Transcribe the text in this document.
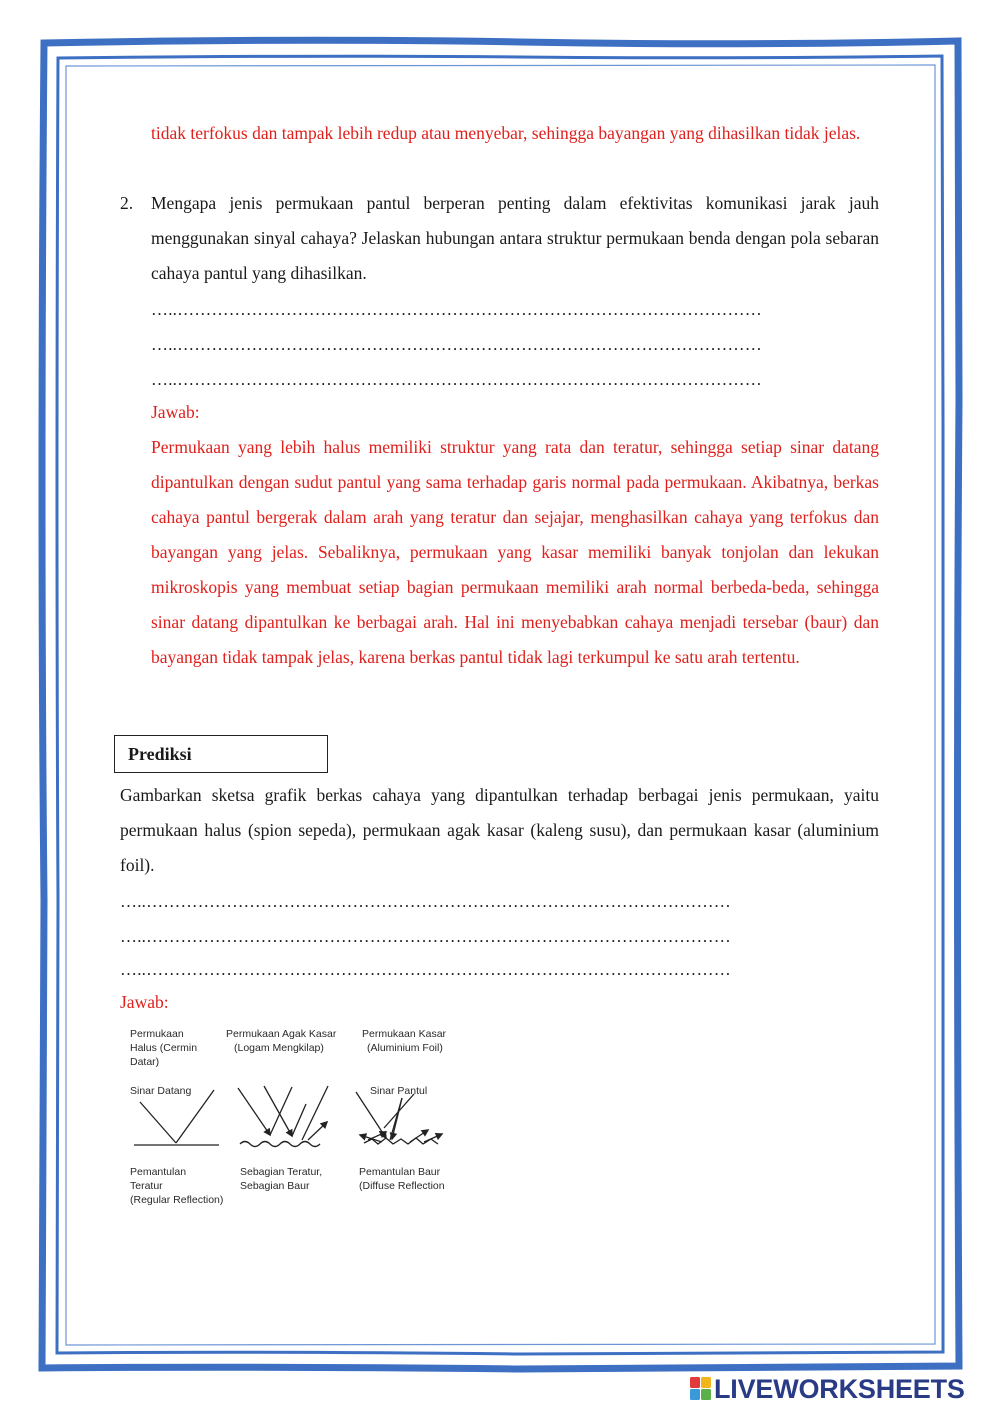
tidak terfokus dan tampak lebih redup atau menyebar, sehingga bayangan yang dihasilkan tidak jelas.

2. Mengapa jenis permukaan pantul berperan penting dalam efektivitas komunikasi jarak jauh menggunakan sinyal cahaya? Jelaskan hubungan antara struktur permukaan benda dengan pola sebaran cahaya pantul yang dihasilkan.

…..…………………………………………………………………………………………
…..…………………………………………………………………………………………
…..…………………………………………………………………………………………

Jawab:

Permukaan yang lebih halus memiliki struktur yang rata dan teratur, sehingga setiap sinar datang dipantulkan dengan sudut pantul yang sama terhadap garis normal pada permukaan. Akibatnya, berkas cahaya pantul bergerak dalam arah yang teratur dan sejajar, menghasilkan cahaya yang terfokus dan bayangan yang jelas. Sebaliknya, permukaan yang kasar memiliki banyak tonjolan dan lekukan mikroskopis yang membuat setiap bagian permukaan memiliki arah normal berbeda-beda, sehingga sinar datang dipantulkan ke berbagai arah. Hal ini menyebabkan cahaya menjadi tersebar (baur) dan bayangan tidak tampak jelas, karena berkas pantul tidak lagi terkumpul ke satu arah tertentu.

Prediksi

Gambarkan sketsa grafik berkas cahaya yang dipantulkan terhadap berbagai jenis permukaan, yaitu permukaan halus (spion sepeda), permukaan agak kasar (kaleng susu), dan permukaan kasar (aluminium foil).

…..…………………………………………………………………………………………
…..…………………………………………………………………………………………
…..…………………………………………………………………………………………

Jawab:

Permukaan
Halus (Cermin
Datar)
Sinar Datang
Permukaan Agak Kasar
(Logam Mengkilap)
Permukaan Kasar
(Aluminium Foil)
Sinar Pantul
Pemantulan
Teratur
(Regular Reflection)
Sebagian Teratur,
Sebagian Baur
Pemantulan Baur
(Diffuse Reflection
LIVEWORKSHEETS
